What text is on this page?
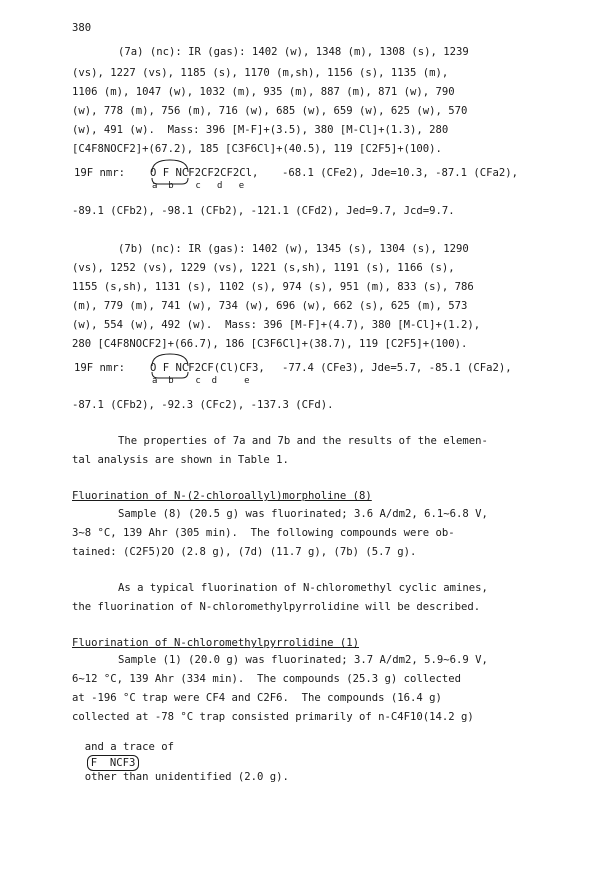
380
(7a) (nc): IR (gas): 1402 (w), 1348 (m), 1308 (s), 1239
(vs), 1227 (vs), 1185 (s), 1170 (m,sh), 1156 (s), 1135 (m),
1106 (m), 1047 (w), 1032 (m), 935 (m), 887 (m), 871 (w), 790
(w), 778 (m), 756 (m), 716 (w), 685 (w), 659 (w), 625 (w), 570
(w), 491 (w).  Mass: 396 [M-F]+(3.5), 380 [M-Cl]+(1.3), 280
[C4F8NOCF2]+(67.2), 185 [C3F6Cl]+(40.5), 119 [C2F5]+(100).
19F nmr: O F NCF2CF2CF2Cl,
a  b    c   d   e
-68.1 (CFe2), Jde=10.3, -87.1 (CFa2),
-89.1 (CFb2), -98.1 (CFb2), -121.1 (CFd2), Jed=9.7, Jcd=9.7.
(7b) (nc): IR (gas): 1402 (w), 1345 (s), 1304 (s), 1290
(vs), 1252 (vs), 1229 (vs), 1221 (s,sh), 1191 (s), 1166 (s),
1155 (s,sh), 1131 (s), 1102 (s), 974 (s), 951 (m), 833 (s), 786
(m), 779 (m), 741 (w), 734 (w), 696 (w), 662 (s), 625 (m), 573
(w), 554 (w), 492 (w).  Mass: 396 [M-F]+(4.7), 380 [M-Cl]+(1.2),
280 [C4F8NOCF2]+(66.7), 186 [C3F6Cl]+(38.7), 119 [C2F5]+(100).
19F nmr: O F NCF2CF(Cl)CF3,
a  b    c  d     e
-77.4 (CFe3), Jde=5.7, -85.1 (CFa2),
-87.1 (CFb2), -92.3 (CFc2), -137.3 (CFd).
The properties of 7a and 7b and the results of the elemen-
tal analysis are shown in Table 1.
Fluorination of N-(2-chloroallyl)morpholine (8)
Sample (8) (20.5 g) was fluorinated; 3.6 A/dm2, 6.1~6.8 V,
3~8 °C, 139 Ahr (305 min).  The following compounds were ob-
tained: (C2F5)2O (2.8 g), (7d) (11.7 g), (7b) (5.7 g).
As a typical fluorination of N-chloromethyl cyclic amines,
the fluorination of N-chloromethylpyrrolidine will be described.
Fluorination of N-chloromethylpyrrolidine (1)
Sample (1) (20.0 g) was fluorinated; 3.7 A/dm2, 5.9~6.9 V,
6~12 °C, 139 Ahr (334 min).  The compounds (25.3 g) collected
at -196 °C trap were CF4 and C2F6.  The compounds (16.4 g)
collected at -78 °C trap consisted primarily of n-C4F10(14.2 g)

and a trace of
F  NCF3
other than unidentified (2.0 g).
